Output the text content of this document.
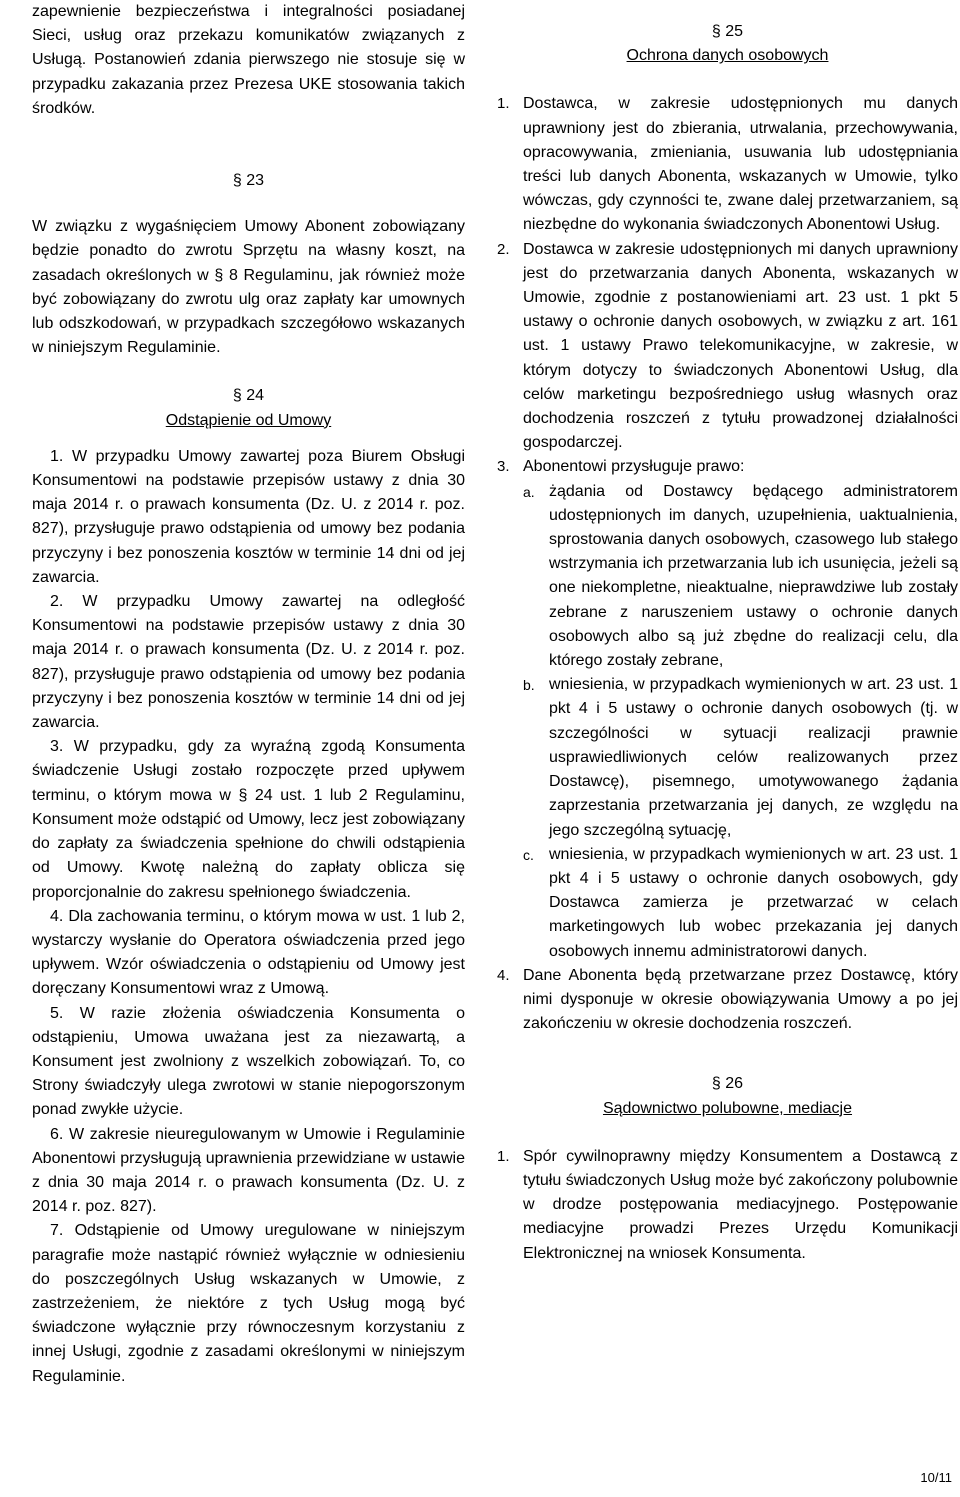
zapewnienie bezpieczeństwa i integralności posiadanej Sieci, usług oraz przekazu komunikatów związanych z Usługą. Postanowień zdania pierwszego nie stosuje się w przypadku zakazania przez Prezesa UKE stosowania takich środków.

§ 23

W związku z wygaśnięciem Umowy Abonent zobowiązany będzie ponadto do zwrotu Sprzętu na własny koszt, na zasadach określonych w § 8 Regulaminu, jak również może być zobowiązany do zwrotu ulg oraz zapłaty kar umownych lub odszkodowań, w przypadkach szczegółowo wskazanych w niniejszym Regulaminie.

§ 24

Odstąpienie od Umowy

1. W przypadku Umowy zawartej poza Biurem Obsługi Konsumentowi na podstawie przepisów ustawy z dnia 30 maja 2014 r. o prawach konsumenta (Dz. U. z 2014 r. poz. 827), przysługuje prawo odstąpienia od umowy bez podania przyczyny i bez ponoszenia kosztów w terminie 14 dni od jej zawarcia.
2. W przypadku Umowy zawartej na odległość Konsumentowi na podstawie przepisów ustawy z dnia 30 maja 2014 r. o prawach konsumenta (Dz. U. z 2014 r. poz. 827), przysługuje prawo odstąpienia od umowy bez podania przyczyny i bez ponoszenia kosztów w terminie 14 dni od jej zawarcia.
3. W przypadku, gdy za wyraźną zgodą Konsumenta świadczenie Usługi zostało rozpoczęte przed upływem terminu, o którym mowa w § 24 ust. 1 lub 2 Regulaminu, Konsument może odstąpić od Umowy, lecz jest zobowiązany do zapłaty za świadczenia spełnione do chwili odstąpienia od Umowy. Kwotę należną do zapłaty oblicza się proporcjonalnie do zakresu spełnionego świadczenia.
4. Dla zachowania terminu, o którym mowa w ust. 1 lub 2, wystarczy wysłanie do Operatora oświadczenia przed jego upływem. Wzór oświadczenia o odstąpieniu od Umowy jest doręczany Konsumentowi wraz z Umową.
5. W razie złożenia oświadczenia Konsumenta o odstąpieniu, Umowa uważana jest za niezawartą, a Konsument jest zwolniony z wszelkich zobowiązań. To, co Strony świadczyły ulega zwrotowi w stanie niepogorszonym ponad zwykłe użycie.
6. W zakresie nieuregulowanym w Umowie i Regulaminie Abonentowi przysługują uprawnienia przewidziane w ustawie z dnia 30 maja 2014 r. o prawach konsumenta (Dz. U. z 2014 r. poz. 827).
7. Odstąpienie od Umowy uregulowane w niniejszym paragrafie może nastąpić również wyłącznie w odniesieniu do poszczególnych Usług wskazanych w Umowie, z zastrzeżeniem, że niektóre z tych Usług mogą być świadczone wyłącznie przy równoczesnym korzystaniu z innej Usługi, zgodnie z zasadami określonymi w niniejszym Regulaminie.

§ 25

Ochrona danych osobowych

1. Dostawca, w zakresie udostępnionych mu danych uprawniony jest do zbierania, utrwalania, przechowywania, opracowywania, zmieniania, usuwania lub udostępniania treści lub danych Abonenta, wskazanych w Umowie, tylko wówczas, gdy czynności te, zwane dalej przetwarzaniem, są niezbędne do wykonania świadczonych Abonentowi Usług.
2. Dostawca w zakresie udostępnionych mi danych uprawniony jest do przetwarzania danych Abonenta, wskazanych w Umowie, zgodnie z postanowieniami art. 23 ust. 1 pkt 5 ustawy o ochronie danych osobowych, w związku z art. 161 ust. 1 ustawy Prawo telekomunikacyjne, w zakresie, w którym dotyczy to świadczonych Abonentowi Usług, dla celów marketingu bezpośredniego usług własnych oraz dochodzenia roszczeń z tytułu prowadzonej działalności gospodarczej.
3. Abonentowi przysługuje prawo:
a. żądania od Dostawcy będącego administratorem udostępnionych im danych, uzupełnienia, uaktualnienia, sprostowania danych osobowych, czasowego lub stałego wstrzymania ich przetwarzania lub ich usunięcia, jeżeli są one niekompletne, nieaktualne, nieprawdziwe lub zostały zebrane z naruszeniem ustawy o ochronie danych osobowych albo są już zbędne do realizacji celu, dla którego zostały zebrane,
b. wniesienia, w przypadkach wymienionych w art. 23 ust. 1 pkt 4 i 5 ustawy o ochronie danych osobowych (tj. w szczególności w sytuacji realizacji prawnie usprawiedliwionych celów realizowanych przez Dostawcę), pisemnego, umotywowanego żądania zaprzestania przetwarzania jej danych, ze względu na jego szczególną sytuację,
c. wniesienia, w przypadkach wymienionych w art. 23 ust. 1 pkt 4 i 5 ustawy o ochronie danych osobowych, gdy Dostawca zamierza je przetwarzać w celach marketingowych lub wobec przekazania jej danych osobowych innemu administratorowi danych.
4. Dane Abonenta będą przetwarzane przez Dostawcę, który nimi dysponuje w okresie obowiązywania Umowy a po jej zakończeniu w okresie dochodzenia roszczeń.

§ 26

Sądownictwo polubowne, mediacje

1. Spór cywilnoprawny między Konsumentem a Dostawcą z tytułu świadczonych Usług może być zakończony polubownie w drodze postępowania mediacyjnego. Postępowanie mediacyjne prowadzi Prezes Urzędu Komunikacji Elektronicznej na wniosek Konsumenta.
10/11
